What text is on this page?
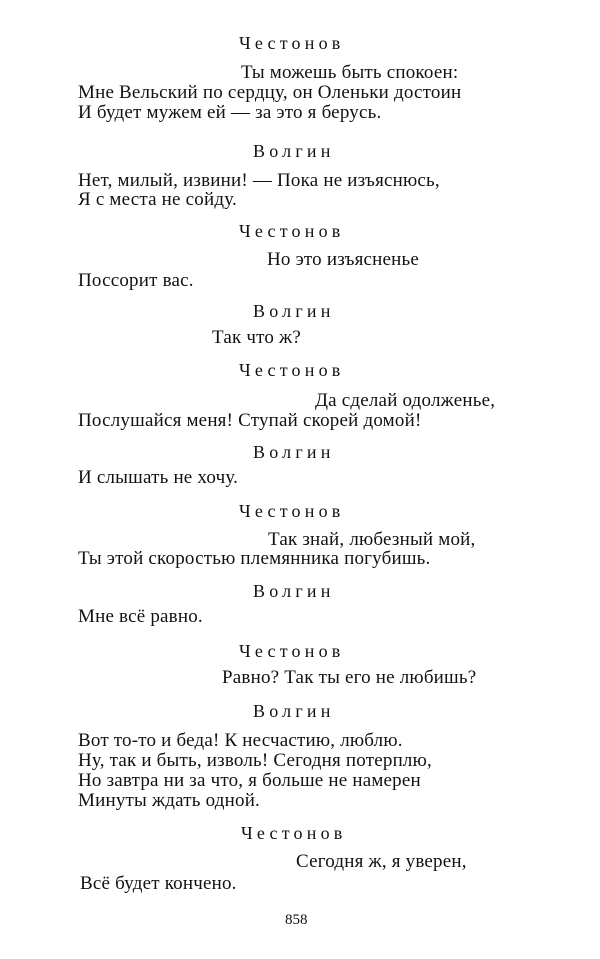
Честонов
Ты можешь быть спокоен:
Мне Вельский по сердцу, он Оленьки достоин
И будет мужем ей — за это я берусь.
Волгин
Нет, милый, извини! — Пока не изъяснюсь,
Я с места не сойду.
Честонов
Но это изъясненье
Поссорит вас.
Волгин
Так что ж?
Честонов
Да сделай одолженье,
Послушайся меня! Ступай скорей домой!
Волгин
И слышать не хочу.
Честонов
Так знай, любезный мой,
Ты этой скоростью племянника погубишь.
Волгин
Мне всё равно.
Честонов
Равно? Так ты его не любишь?
Волгин
Вот то-то и беда! К несчастию, люблю.
Ну, так и быть, изволь! Сегодня потерплю,
Но завтра ни за что, я больше не намерен
Минуты ждать одной.
Честонов
Сегодня ж, я уверен,
Всё будет кончено.
858
